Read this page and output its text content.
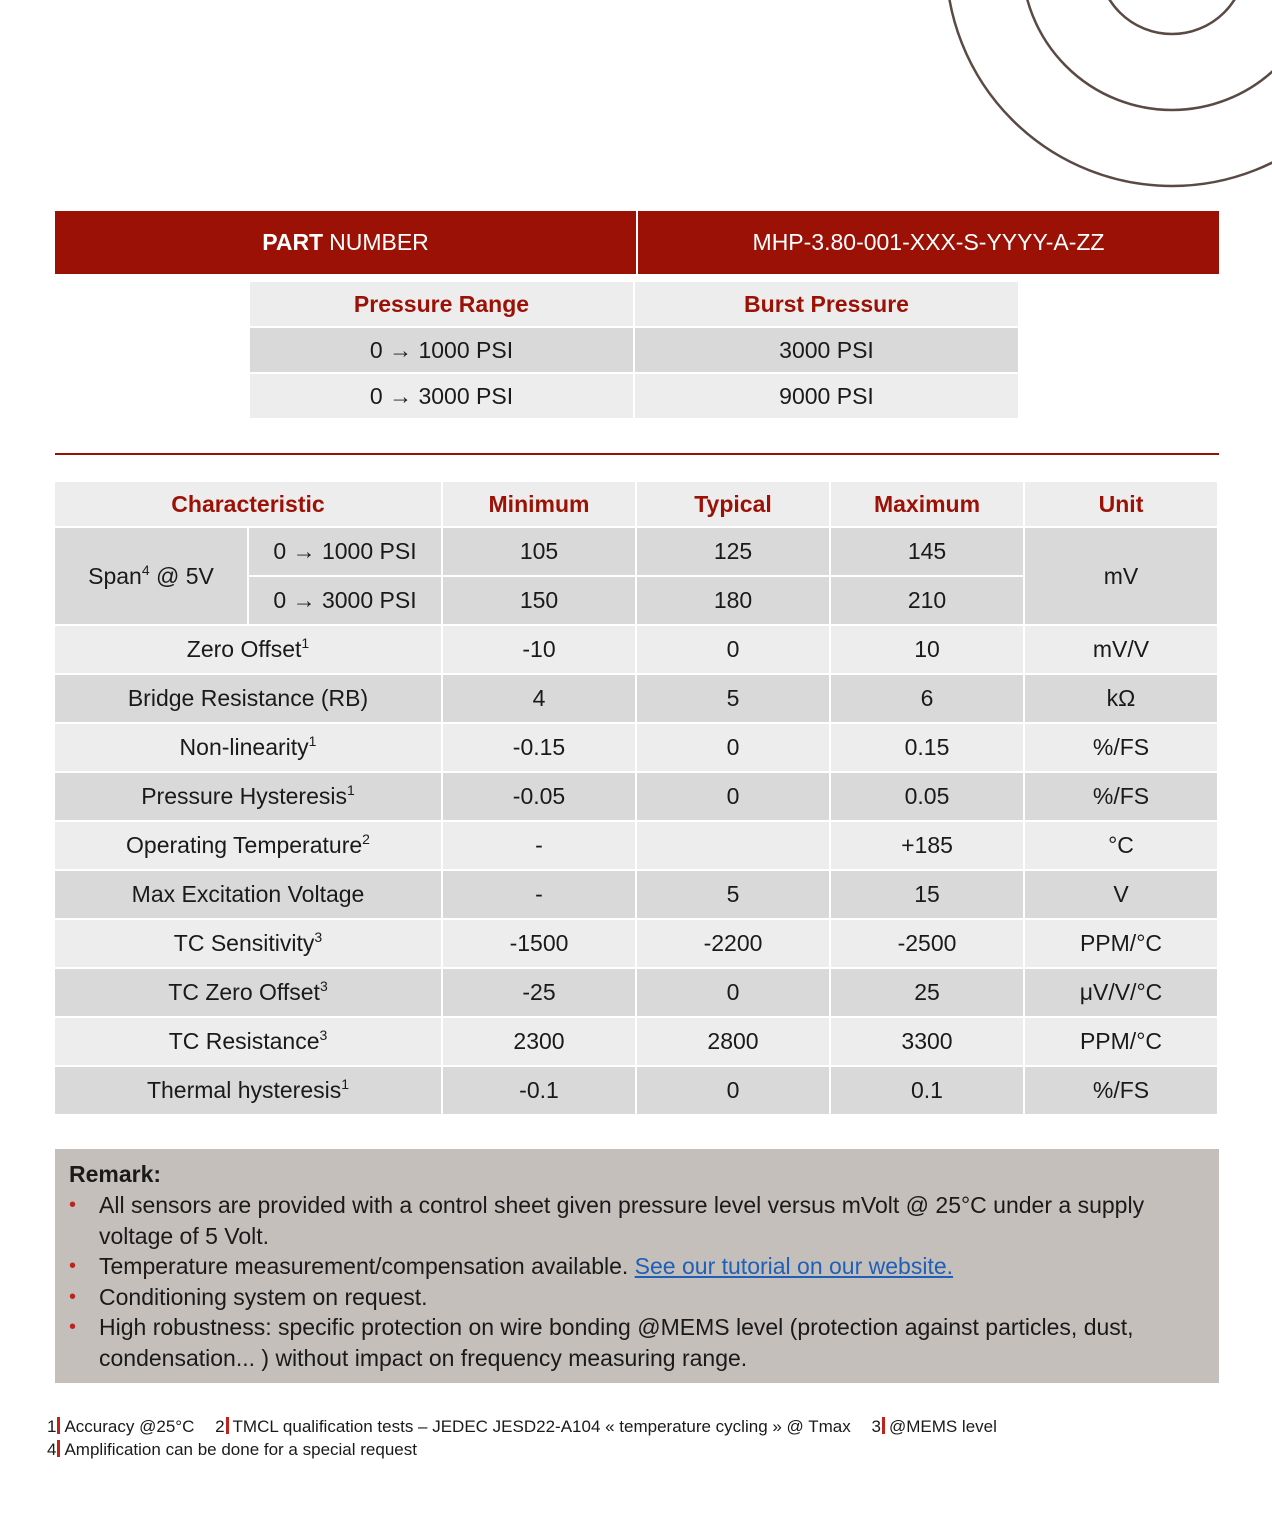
PART NUMBER	MHP-3.80-001-XXX-S-YYYY-A-ZZ
Pressure Range	Burst Pressure
0 → 1000 PSI	3000 PSI
0 → 3000 PSI	9000 PSI
Characteristic		Minimum	Typical	Maximum	Unit
Span$^4$ @ 5V	0 → 1000 PSI	105	125	145	mV
	0 → 3000 PSI	150	180	210	
Zero Offset$^1$		-10	0	10	mV/V
Bridge Resistance (RB)		4	5	6	kΩ
Non-linearity$^1$		-0.15	0	0.15	%/FS
Pressure Hysteresis$^1$		-0.05	0	0.05	%/FS
Operating Temperature$^2$		-		+185	°C
Max Excitation Voltage		-	5	15	V
TC Sensitivity$^3$		-1500	-2200	-2500	PPM/°C
TC Zero Offset$^3$		-25	0	25	μV/V/°C
TC Resistance$^3$		2300	2800	3300	PPM/°C
Thermal hysteresis$^1$		-0.1	0	0.1	%/FS
Remark:
• All sensors are provided with a control sheet given pressure level versus mVolt @ 25°C under a supply voltage of 5 Volt.
• Temperature measurement/compensation available. See our tutorial on our website.
• Conditioning system on request.
• High robustness: specific protection on wire bonding @MEMS level (protection against particles, dust, condensation... ) without impact on frequency measuring range.
1 Accuracy @25°C 2 TMCL qualification tests – JEDEC JESD22-A104 « temperature cycling » @ Tmax 3 @MEMS level
4 Amplification can be done for a special request
